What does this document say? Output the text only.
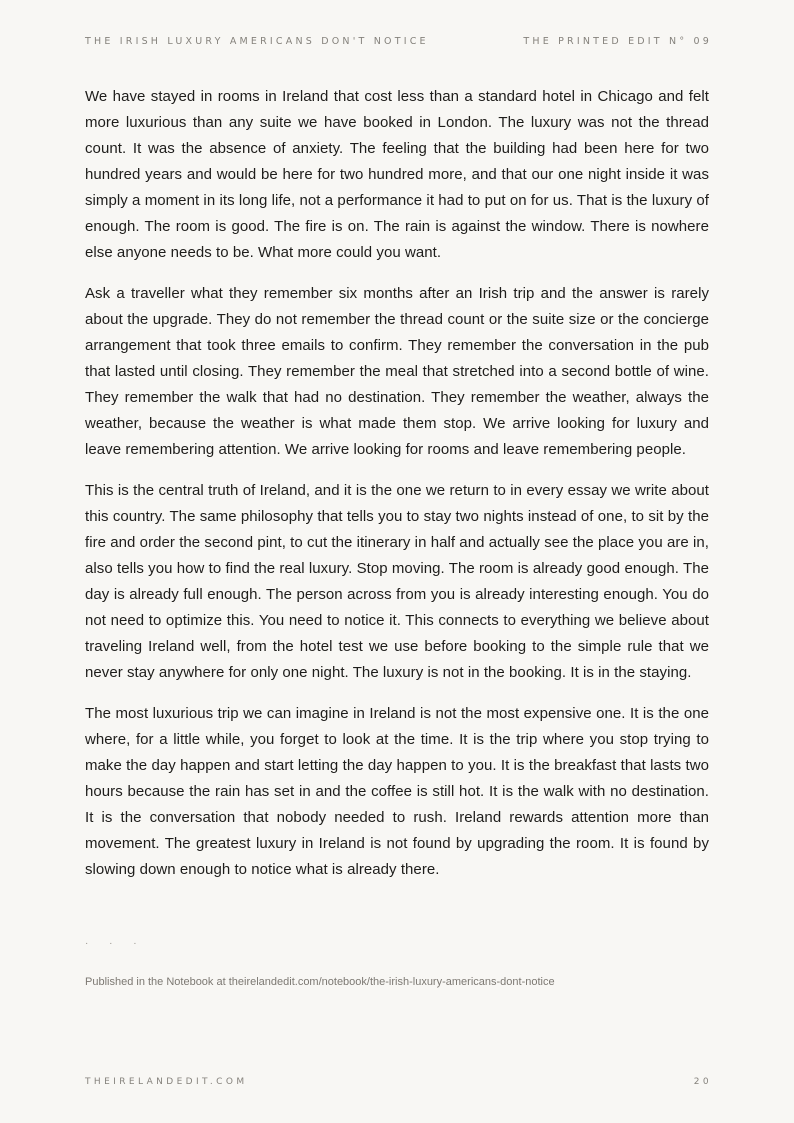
THE IRISH LUXURY AMERICANS DON'T NOTICE	THE PRINTED EDIT N° 09

We have stayed in rooms in Ireland that cost less than a standard hotel in Chicago and felt more luxurious than any suite we have booked in London. The luxury was not the thread count. It was the absence of anxiety. The feeling that the building had been here for two hundred years and would be here for two hundred more, and that our one night inside it was simply a moment in its long life, not a performance it had to put on for us. That is the luxury of enough. The room is good. The fire is on. The rain is against the window. There is nowhere else anyone needs to be. What more could you want.

Ask a traveller what they remember six months after an Irish trip and the answer is rarely about the upgrade. They do not remember the thread count or the suite size or the concierge arrangement that took three emails to confirm. They remember the conversation in the pub that lasted until closing. They remember the meal that stretched into a second bottle of wine. They remember the walk that had no destination. They remember the weather, always the weather, because the weather is what made them stop. We arrive looking for luxury and leave remembering attention. We arrive looking for rooms and leave remembering people.

This is the central truth of Ireland, and it is the one we return to in every essay we write about this country. The same philosophy that tells you to stay two nights instead of one, to sit by the fire and order the second pint, to cut the itinerary in half and actually see the place you are in, also tells you how to find the real luxury. Stop moving. The room is already good enough. The day is already full enough. The person across from you is already interesting enough. You do not need to optimize this. You need to notice it. This connects to everything we believe about traveling Ireland well, from the hotel test we use before booking to the simple rule that we never stay anywhere for only one night. The luxury is not in the booking. It is in the staying.

The most luxurious trip we can imagine in Ireland is not the most expensive one. It is the one where, for a little while, you forget to look at the time. It is the trip where you stop trying to make the day happen and start letting the day happen to you. It is the breakfast that lasts two hours because the rain has set in and the coffee is still hot. It is the walk with no destination. It is the conversation that nobody needed to rush. Ireland rewards attention more than movement. The greatest luxury in Ireland is not found by upgrading the room. It is found by slowing down enough to notice what is already there.

· · ·
Published in the Notebook at theirelandedit.com/notebook/the-irish-luxury-americans-dont-notice
THEIRELANDEDIT.COM	20
